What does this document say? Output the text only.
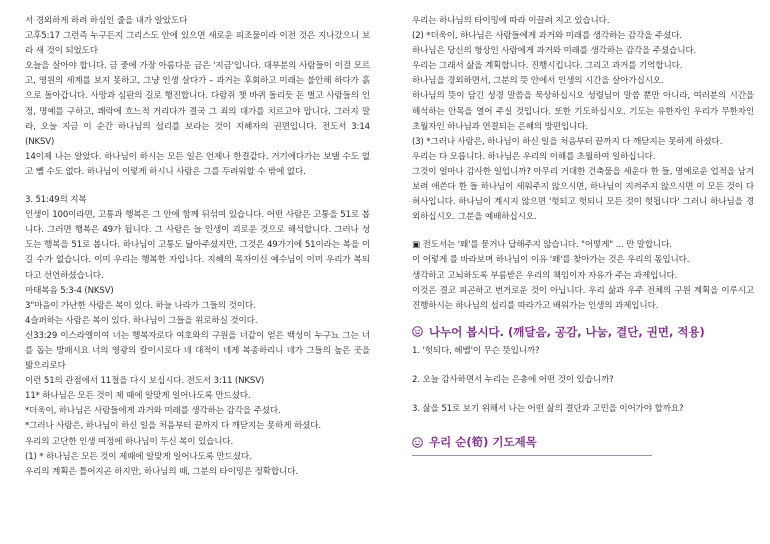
서 경외하게 하려 하심인 줄을 내가 알았도다

고후5:17 그런즉 누구든지 그리스도 안에 있으면 새로운 피조물이라 이전 것은 지나갔으니 보라 새 것이 되었도다

오늘을 살아야 합니다. 금 중에 가장 아름다운 금은 '지금'입니다. 대부분의 사람들이 이걸 모르고, 영원의 세계를 보지 못하고, 그냥 인생 살다가 – 과거는 후회하고 미래는 불안해 하다가 흙으로 돌아갑니다. 사망과 심판의 길로 행진합니다. 다람쥐 챗 바퀴 돌리듯 돈 벌고 사람들의 인정, 명예를 구하고, 쾌락에 흐느적 거리다가 결국 그 죄의 대가를 치르고야 맙니다. 그러지 말라, 오늘 지금 이 순간 하나님의 섭리를 보라는 것이 지혜자의 권면입니다. 전도서 3:14 (NKSV)

14이제 나는 알았다. 하나님이 하시는 모든 일은 언제나 한결같다. 거기에다가는 보탤 수도 없고 뺄 수도 없다. 하나님이 이렇게 하시니 사람은 그를 두려워할 수 밖에 없다.

3. 51:49의 지복

인생이 100이라면, 고통과 행복은 그 안에 함께 뒤섞여 있습니다. 어떤 사람은 고통을 51로 봅니다. 그러면 행복은 49가 됩니다. 그 사람은 늘 인생이 괴로운 것으로 해석합니다. 그러나 성도는 행복을 51로 봅니다. 하나님이 고통도 닮아주셨지만, 그것은 49가기에 51이라는 복을 이길 수가 없습니다. 이미 우리는 행복한 자입니다. 지혜의 목자이신 예수님이 이미 우리가 복되다고 선언하셨습니다.

마태복음 5:3-4 (NKSV)

3"마음이 가난한 사람은 복이 있다. 하늘 나라가 그들의 것이다.

4슬퍼하는 사람은 복이 있다. 하나님이 그들을 위로하실 것이다.

신33:29 이스라엘이여 너는 행복자로다 여호와의 구원을 너같이 얻은 백성이 누구뇨 그는 너를 돕는 방패시요 너의 영광의 칼이시로다 네 대적이 네게 복종하리니 네가 그들의 높은 곳을 밟으리로다

이런 51의 관점에서 11절을 다시 보십시다. 전도서 3:11 (NKSV)

11* 하나님은 모든 것이 제 때에 알맞게 일어나도록 만드셨다.

*더욱이, 하나님은 사람들에게 과거와 미래를 생각하는 감각을 주셨다.

*그러나 사람은, 하나님이 하신 일을 처음부터 끝까지 다 깨닫지는 못하게 하셨다.

우리의 고단한 인생 여정에 하나님이 두신 복이 있습니다.

(1) * 하나님은 모든 것이 제때에 알맞게 일어나도록 만드셨다.

우리의 계획은 틀어지곤 하지만, 하나님의 때, 그분의 타이밍은 정확합니다.

우리는 하나님의 타이밍에 따라 이끌려 지고 있습니다.

(2) *더욱이, 하나님은 사람들에게 과거와 미래를 생각하는 감각을 주셨다.

하나님은 당신의 형상인 사람에게 과거와 미래를 생각하는 감각을 주셨습니다.

우리는 그래서 삶을 계획합니다. 진행시킵니다. 그리고 과거를 기억합니다.

하나님을 경외하면서, 그분의 뜻 안에서 인생의 시간을 살아가십시오.

하나님의 뜻이 담긴 성경 말씀을 묵상하십시오 성령님이 말씀 뿐만 아니라, 여러분의 시간을 해석하는 안목을 열어 주실 것입니다. 또한 기도하십시오. 기도는 유한자인 우리가 무한자인 초월자인 하나님과 연결되는 은혜의 방편입니다.

(3) *그러나 사람은, 하나님이 하신 일을 처음부터 끝까지 다 깨닫지는 못하게 하셨다.

우리는 다 모릅니다. 하나님은 우리의 이해를 초월하여 일하십니다.

그것이 얼마나 감사한 일입니까? 아무리 거대한 건축물을 세운다 한 들, 명예로운 업적을 남겨보려 애쓴다 한 들 하나님이 세워주지 않으시면, 하나님이 지켜주지 않으시면 이 모든 것이 다 허사입니다. 하나님이 계시지 않으면 '헛되고 헛되니 모든 것이 헛됩니다' 그러니 하나님을 경외하십시오. 그분을 예배하십시오.

▣ 전도서는 '왜'를 묻거나 답해주지 않습니다. "어떻게" ... 만 말합니다.

이 어렇게 를 바라보며 하나님이 이유 '왜'를 찾아가는 것은 우리의 몫입니다.

생각하고 고뇌하도록 부름받은 우리의 책임이자 자유가 주는 과제입니다.

이것은 결코 피곤하고 번거로운 것이 아닙니다. 우리 삶과 우주 전체의 구원 계획을 이루시고 진행하시는 하나님의 섭리를 따라가고 배워가는 인생의 과제입니다.

나누어 봅시다. (깨달음, 공감, 나눔, 결단, 권면, 적용)

1. '헛되다, 헤벨'이 무슨 뜻입니까?

2. 오늘 감사하면서 누리는 은총에 어떤 것이 있습니까?

3. 삶을 51로 보기 위해서 나는 어떤 삶의 결단과 고민을 이어가야 할까요?

우리 순(筍) 기도제목
